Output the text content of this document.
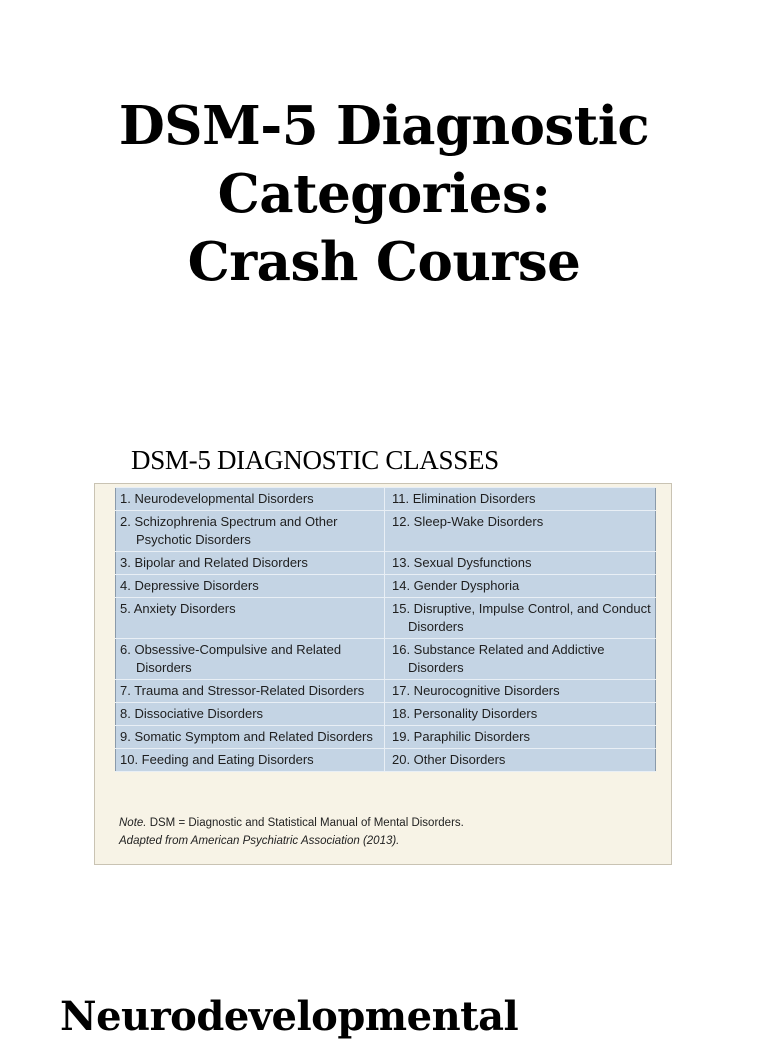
DSM-5 Diagnostic
Categories:
Crash Course
DSM-5 DIAGNOSTIC CLASSES
1. Neurodevelopmental Disorders	11. Elimination Disorders

2. Schizophrenia Spectrum and Other Psychotic Disorders	12. Sleep-Wake Disorders

3. Bipolar and Related Disorders	13. Sexual Dysfunctions

4. Depressive Disorders	14. Gender Dysphoria

5. Anxiety Disorders	15. Disruptive, Impulse Control, and Conduct Disorders

6. Obsessive-Compulsive and Related Disorders	16. Substance Related and Addictive Disorders

7. Trauma and Stressor-Related Disorders	17. Neurocognitive Disorders

8. Dissociative Disorders	18. Personality Disorders

9. Somatic Symptom and Related Disorders	19. Paraphilic Disorders

10. Feeding and Eating Disorders	20. Other Disorders
Note. DSM = Diagnostic and Statistical Manual of Mental Disorders.
Adapted from American Psychiatric Association (2013).
Neurodevelopmental
